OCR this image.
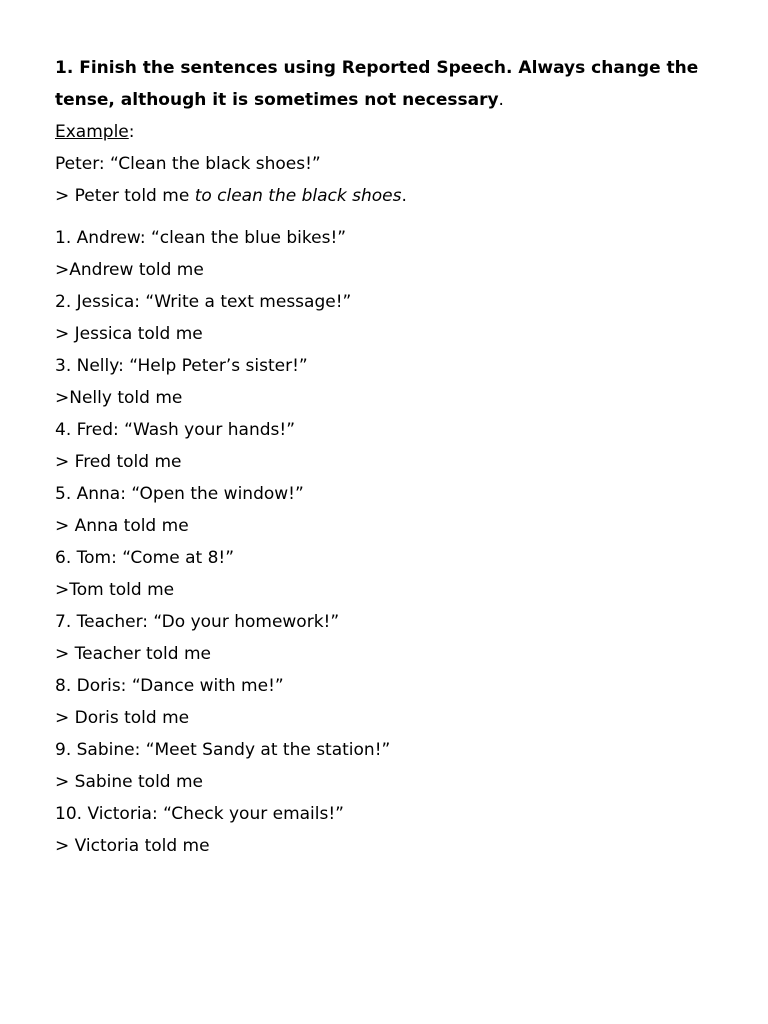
1. Finish the sentences using Reported Speech. Always change the tense, although it is sometimes not necessary.

Example:

Peter: “Clean the black shoes!”

> Peter told me to clean the black shoes.

1. Andrew: “clean the blue bikes!”

>Andrew told me

2. Jessica: “Write a text message!”

> Jessica told me

3. Nelly: “Help Peter’s sister!”

>Nelly told me

4. Fred: “Wash your hands!”

> Fred told me

5. Anna: “Open the window!”

> Anna told me

6. Tom: “Come at 8!”

>Tom told me

7. Teacher: “Do your homework!”

> Teacher told me

8. Doris: “Dance with me!”

> Doris told me

9. Sabine: “Meet Sandy at the station!”

> Sabine told me

10. Victoria: “Check your emails!”

> Victoria told me
